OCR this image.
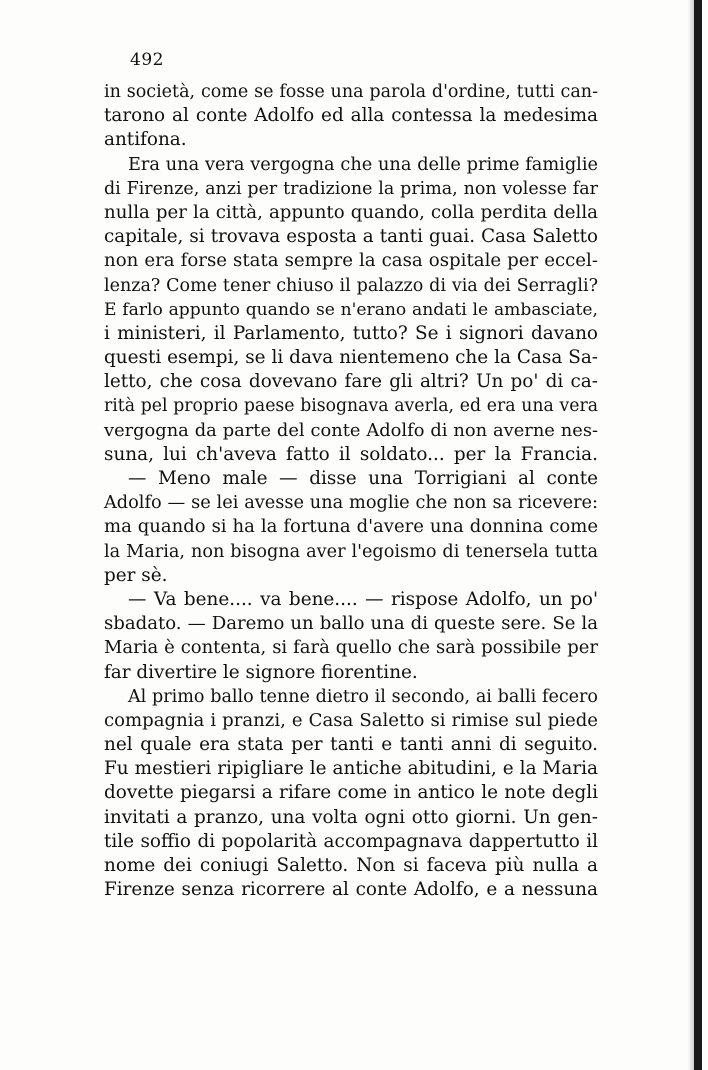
492
in società, come se fosse una parola d'ordine, tutti can-
tarono al conte Adolfo ed alla contessa la medesima
antifona.
Era una vera vergogna che una delle prime famiglie
di Firenze, anzi per tradizione la prima, non volesse far
nulla per la città, appunto quando, colla perdita della
capitale, si trovava esposta a tanti guai. Casa Saletto
non era forse stata sempre la casa ospitale per eccel-
lenza? Come tener chiuso il palazzo di via dei Serragli?
E farlo appunto quando se n'erano andati le ambasciate,
i ministeri, il Parlamento, tutto? Se i signori davano
questi esempi, se li dava nientemeno che la Casa Sa-
letto, che cosa dovevano fare gli altri? Un po' di ca-
rità pel proprio paese bisognava averla, ed era una vera
vergogna da parte del conte Adolfo di non averne nes-
suna, lui ch'aveva fatto il soldato... per la Francia.
— Meno male — disse una Torrigiani al conte
Adolfo — se lei avesse una moglie che non sa ricevere:
ma quando si ha la fortuna d'avere una donnina come
la Maria, non bisogna aver l'egoismo di tenersela tutta
per sè.
— Va bene.... va bene.... — rispose Adolfo, un po'
sbadato. — Daremo un ballo una di queste sere. Se la
Maria è contenta, si farà quello che sarà possibile per
far divertire le signore fiorentine.
Al primo ballo tenne dietro il secondo, ai balli fecero
compagnia i pranzi, e Casa Saletto si rimise sul piede
nel quale era stata per tanti e tanti anni di seguito.
Fu mestieri ripigliare le antiche abitudini, e la Maria
dovette piegarsi a rifare come in antico le note degli
invitati a pranzo, una volta ogni otto giorni. Un gen-
tile soffio di popolarità accompagnava dappertutto il
nome dei coniugi Saletto. Non si faceva più nulla a
Firenze senza ricorrere al conte Adolfo, e a nessuna
